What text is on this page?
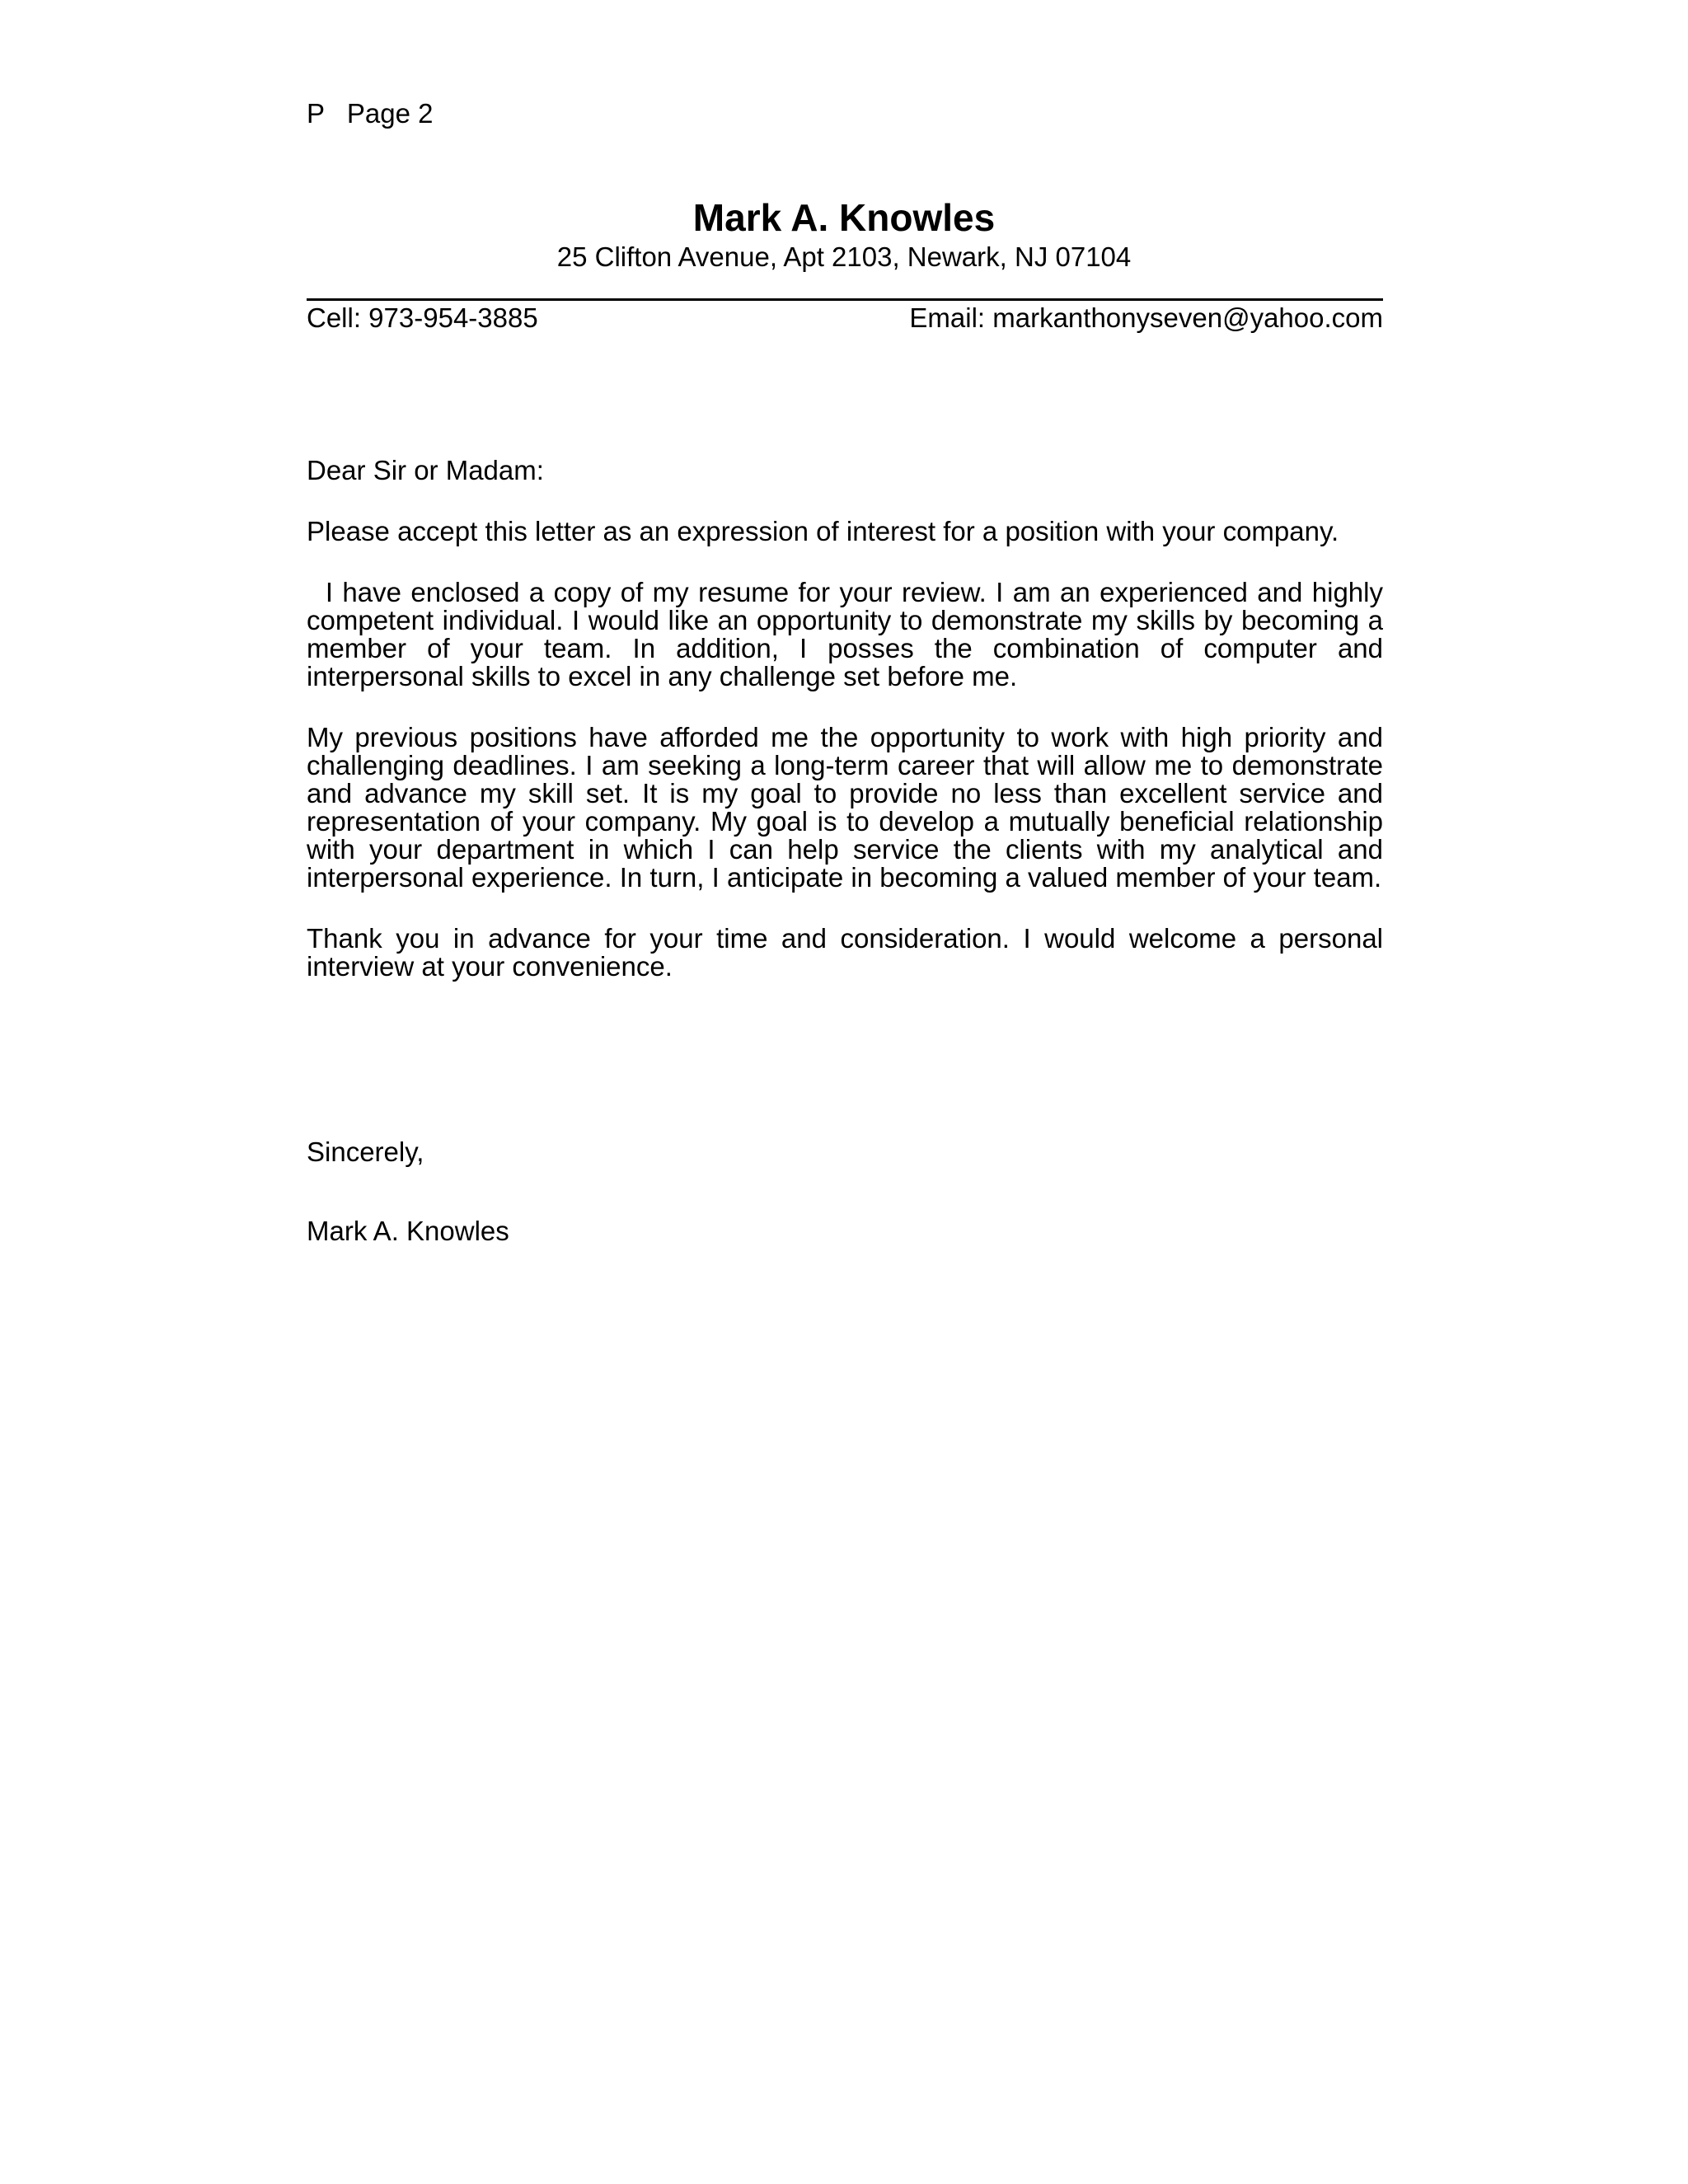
P   Page 2
Mark A. Knowles
25 Clifton Avenue, Apt 2103, Newark, NJ 07104
Cell: 973-954-3885	Email: markanthonyseven@yahoo.com

Dear Sir or Madam:

Please accept this letter as an expression of interest for a position with your company.

I have enclosed a copy of my resume for your review. I am an experienced and highly competent individual. I would like an opportunity to demonstrate my skills by becoming a member of your team. In addition, I posses the combination of computer and interpersonal skills to excel in any challenge set before me.

My previous positions have afforded me the opportunity to work with high priority and challenging deadlines. I am seeking a long-term career that will allow me to demonstrate and advance my skill set. It is my goal to provide no less than excellent service and representation of your company. My goal is to develop a mutually beneficial relationship with your department in which I can help service the clients with my analytical and interpersonal experience. In turn, I anticipate in becoming a valued member of your team.

Thank you in advance for your time and consideration. I would welcome a personal interview at your convenience.

Sincerely,
Mark A. Knowles
